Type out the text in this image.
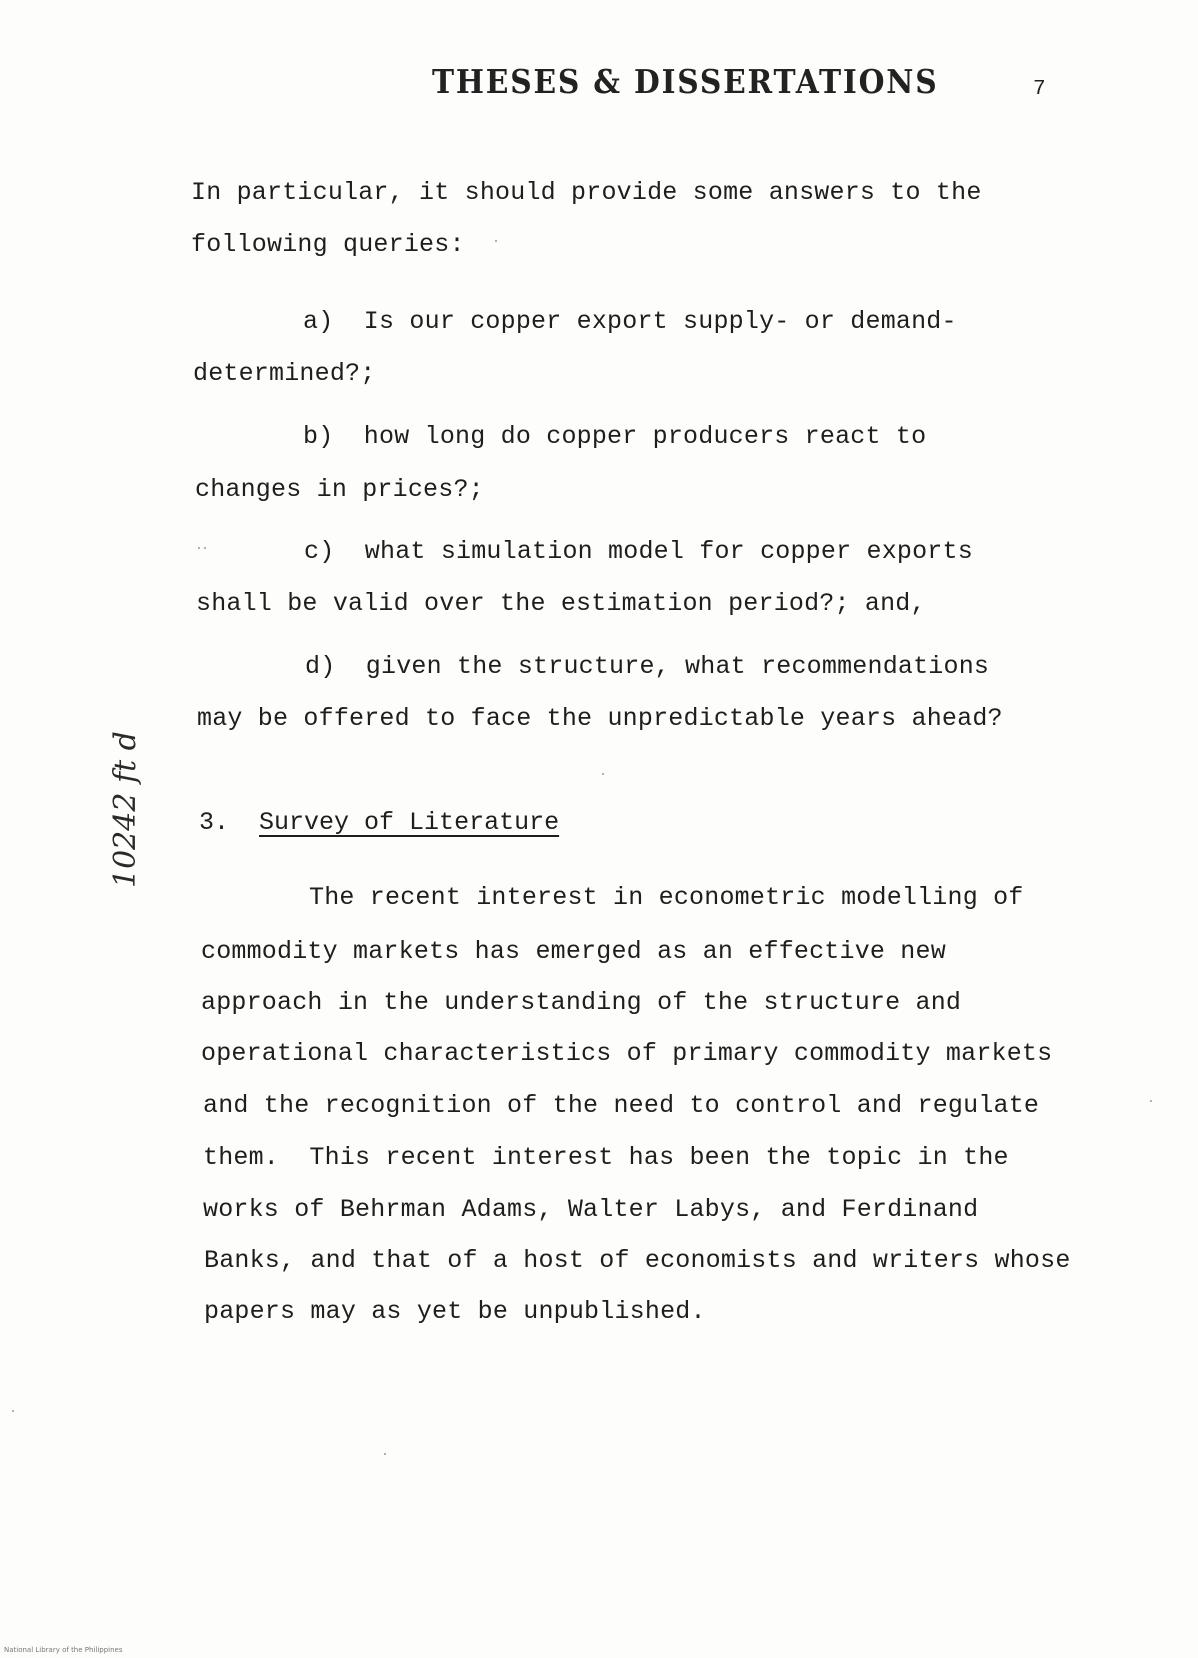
THESES & DISSERTATIONS	7
In particular, it should provide some answers to the
following queries:
a)  Is our copper export supply- or demand-
determined?;
b)  how long do copper producers react to
changes in prices?;
c)  what simulation model for copper exports
shall be valid over the estimation period?; and,
d)  given the structure, what recommendations
may be offered to face the unpredictable years ahead?
3. Survey of Literature
The recent interest in econometric modelling of
commodity markets has emerged as an effective new
approach in the understanding of the structure and
operational characteristics of primary commodity markets
and the recognition of the need to control and regulate
them.  This recent interest has been the topic in the
works of Behrman Adams, Walter Labys, and Ferdinand
Banks, and that of a host of economists and writers whose
papers may as yet be unpublished.
10242 ft d
National Library of the Philippines
